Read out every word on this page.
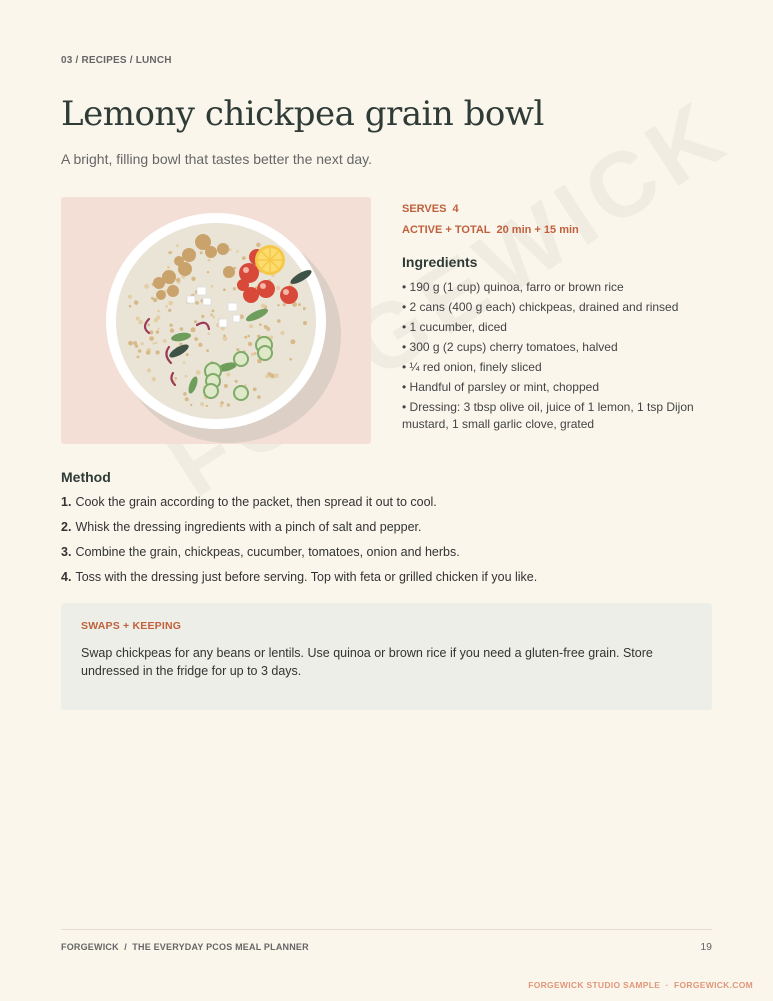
03 / RECIPES / LUNCH
Lemony chickpea grain bowl

A bright, filling bowl that tastes better the next day.

SERVES 4
ACTIVE + TOTAL 20 min + 15 min
Ingredients
• 190 g (1 cup) quinoa, farro or brown rice
• 2 cans (400 g each) chickpeas, drained and rinsed
• 1 cucumber, diced
• 300 g (2 cups) cherry tomatoes, halved
• ¼ red onion, finely sliced
• Handful of parsley or mint, chopped
• Dressing: 3 tbsp olive oil, juice of 1 lemon, 1 tsp Dijon mustard, 1 small garlic clove, grated
Method
1. Cook the grain according to the packet, then spread it out to cool.
2. Whisk the dressing ingredients with a pinch of salt and pepper.
3. Combine the grain, chickpeas, cucumber, tomatoes, onion and herbs.
4. Toss with the dressing just before serving. Top with feta or grilled chicken if you like.
SWAPS + KEEPING

Swap chickpeas for any beans or lentils. Use quinoa or brown rice if you need a gluten-free grain. Store undressed in the fridge for up to 3 days.

FORGEWICK  /  THE EVERYDAY PCOS MEAL PLANNER	19
FORGEWICK STUDIO SAMPLE  ·  FORGEWICK.COM
